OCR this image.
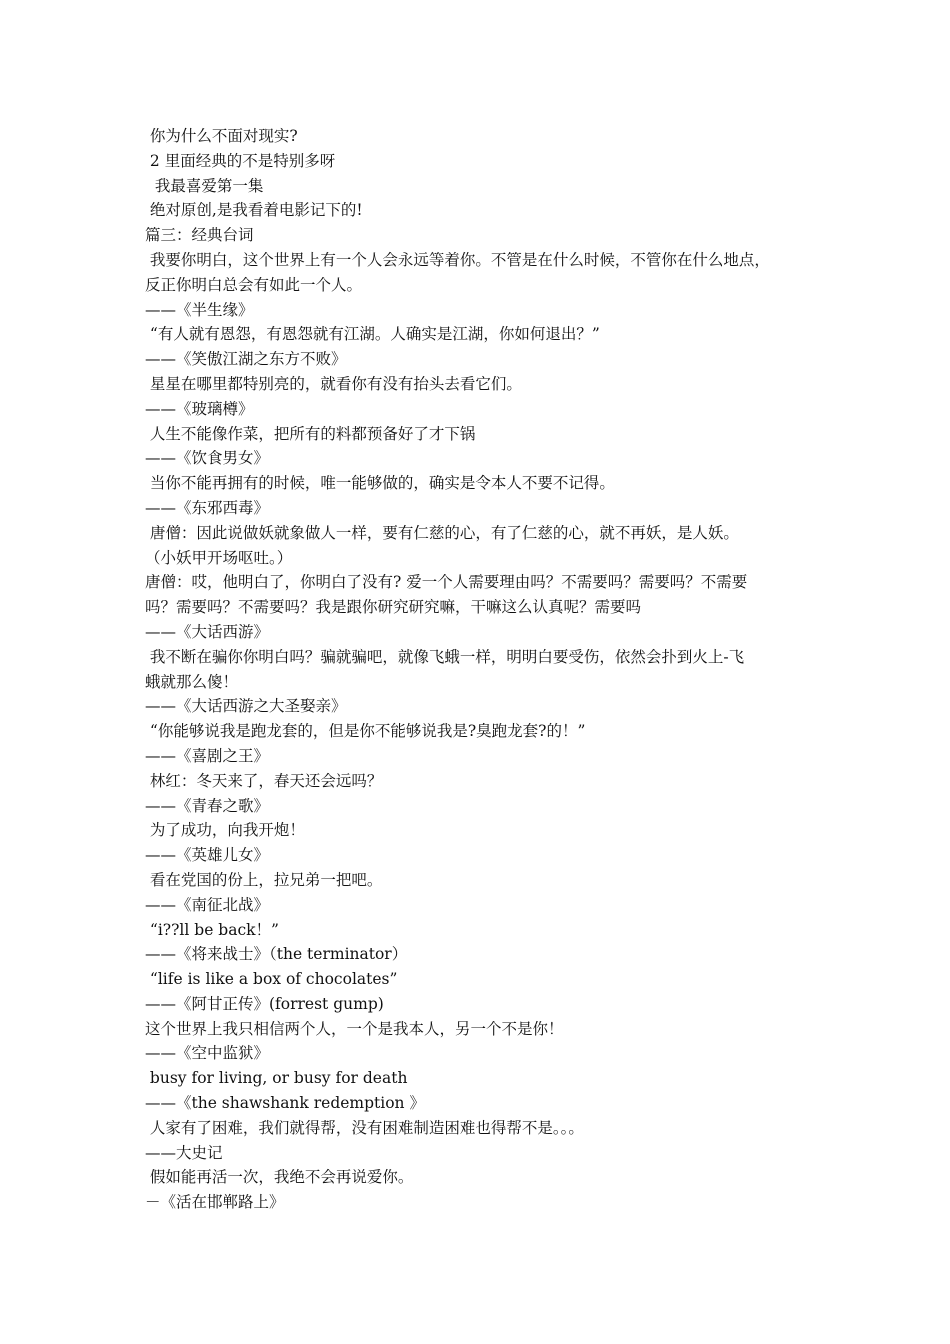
你为什么不面对现实?
2 里面经典的不是特别多呀
我最喜爱第一集
绝对原创,是我看着电影记下的!
篇三：经典台词
我要你明白，这个世界上有一个人会永远等着你。不管是在什么时候，不管你在什么地点，
反正你明白总会有如此一个人。
——《半生缘》
“有人就有恩怨，有恩怨就有江湖。人确实是江湖，你如何退出？”
——《笑傲江湖之东方不败》
星星在哪里都特别亮的，就看你有没有抬头去看它们。
——《玻璃樽》
人生不能像作菜，把所有的料都预备好了才下锅
——《饮食男女》
当你不能再拥有的时候，唯一能够做的，确实是令本人不要不记得。
——《东邪西毒》
唐僧：因此说做妖就象做人一样，要有仁慈的心，有了仁慈的心，就不再妖，是人妖。
（小妖甲开场呕吐。）
唐僧：哎，他明白了，你明白了没有? 爱一个人需要理由吗？不需要吗？需要吗？不需要
吗？需要吗？不需要吗？我是跟你研究研究嘛，干嘛这么认真呢？需要吗
——《大话西游》
我不断在骗你你明白吗？骗就骗吧，就像飞蛾一样，明明白要受伤，依然会扑到火上-飞
蛾就那么傻！
——《大话西游之大圣娶亲》
“你能够说我是跑龙套的，但是你不能够说我是?臭跑龙套?的！”
——《喜剧之王》
林红：冬天来了，春天还会远吗？
——《青春之歌》
为了成功，向我开炮！
——《英雄儿女》
看在党国的份上，拉兄弟一把吧。
——《南征北战》
“i??ll be back！”
——《将来战士》（the terminator）
“life is like a box of chocolates”
——《阿甘正传》(forrest gump)
这个世界上我只相信两个人，一个是我本人，另一个不是你！
——《空中监狱》
busy for living, or busy for death
——《the shawshank redemption 》
人家有了困难，我们就得帮，没有困难制造困难也得帮不是。。。
——大史记
假如能再活一次，我绝不会再说爱你。
－《活在邯郸路上》
